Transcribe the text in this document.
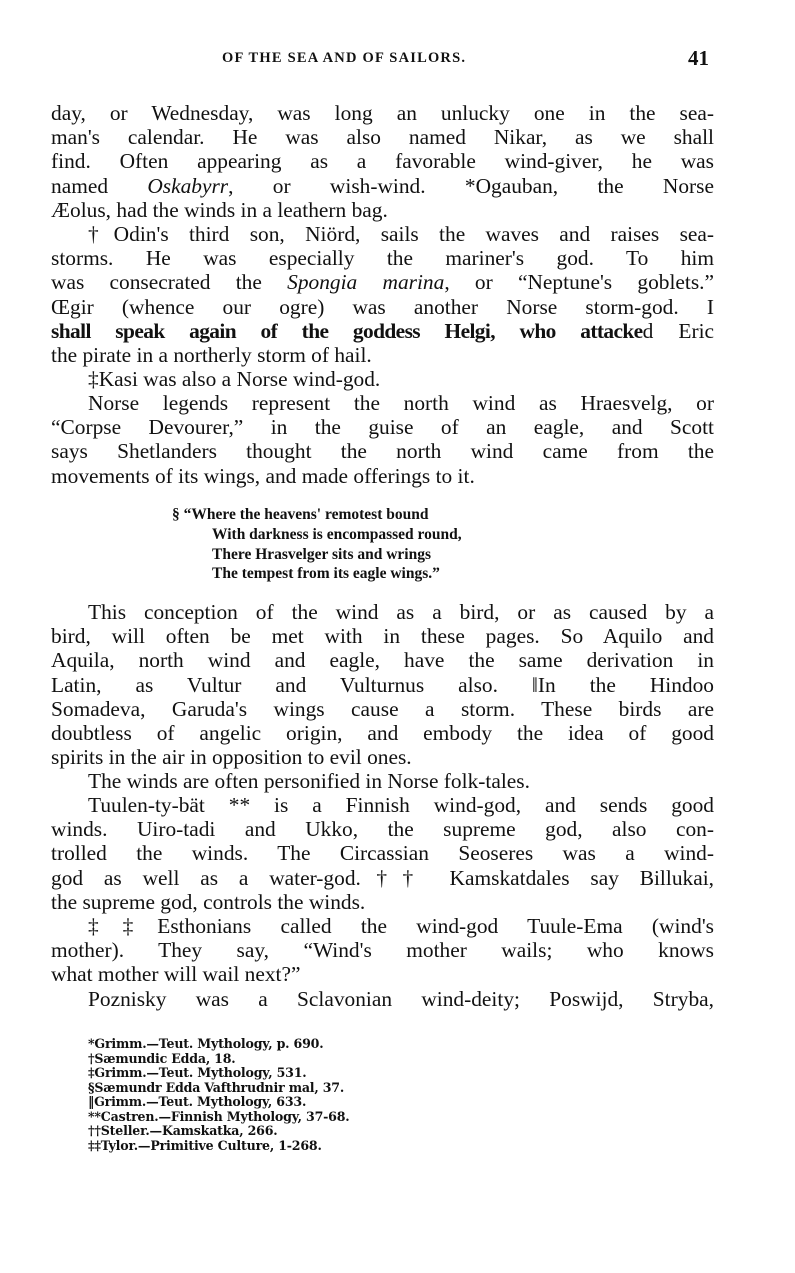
OF THE SEA AND OF SAILORS.	41
day, or Wednesday, was long an unlucky one in the sea-
man's calendar. He was also named Nikar, as we shall
find. Often appearing as a favorable wind-giver, he was
named Oskabyrr, or wish-wind. *Ogauban, the Norse
Æolus, had the winds in a leathern bag.
†Odin's third son, Niörd, sails the waves and raises sea-
storms. He was especially the mariner's god. To him
was consecrated the Spongia marina, or “Neptune's goblets.”
Œgir (whence our ogre) was another Norse storm-god. I
shall speak again of the goddess Helgi, who attacked Eric
the pirate in a northerly storm of hail.
‡Kasi was also a Norse wind-god.
Norse legends represent the north wind as Hraesvelg, or
“Corpse Devourer,” in the guise of an eagle, and Scott
says Shetlanders thought the north wind came from the
movements of its wings, and made offerings to it.
§ “Where the heavens' remotest bound
With darkness is encompassed round,
There Hrasvelger sits and wrings
The tempest from its eagle wings.”
This conception of the wind as a bird, or as caused by a
bird, will often be met with in these pages. So Aquilo and
Aquila, north wind and eagle, have the same derivation in
Latin, as Vultur and Vulturnus also. ‖In the Hindoo
Somadeva, Garuda's wings cause a storm. These birds are
doubtless of angelic origin, and embody the idea of good
spirits in the air in opposition to evil ones.
The winds are often personified in Norse folk-tales.
Tuulen-ty-bät ** is a Finnish wind-god, and sends good
winds. Uiro-tadi and Ukko, the supreme god, also con-
trolled the winds. The Circassian Seoseres was a wind-
god as well as a water-god.†† Kamskatdales say Billukai,
the supreme god, controls the winds.
‡‡Esthonians called the wind-god Tuule-Ema (wind's
mother). They say, “Wind's mother wails; who knows
what mother will wail next?”
Poznisky was a Sclavonian wind-deity; Poswijd, Stryba,
*Grimm.—Teut. Mythology, p. 690.
†Sæmundic Edda, 18.
‡Grimm.—Teut. Mythology, 531.
§Sæmundr Edda Vafthrudnir mal, 37.
‖Grimm.—Teut. Mythology, 633.
**Castren.—Finnish Mythology, 37-68.
††Steller.—Kamskatka, 266.
‡‡Tylor.—Primitive Culture, 1-268.
